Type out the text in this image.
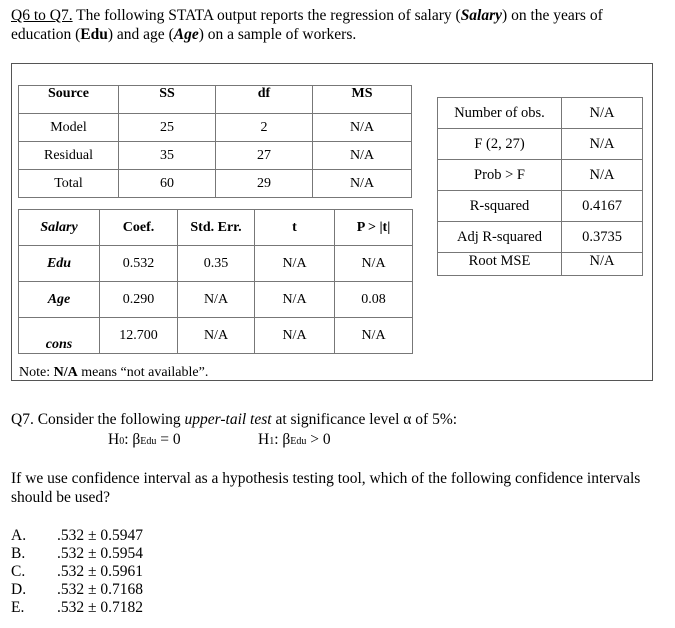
Q6 to Q7. The following STATA output reports the regression of salary (Salary) on the years of education (Edu) and age (Age) on a sample of workers.
Source	SS	df	MS
Model	25	2	N/A
Residual	35	27	N/A
Total	60	29	N/A
Salary	Coef.	Std. Err.	t	P > |t|
Edu	0.532	0.35	N/A	N/A
Age	0.290	N/A	N/A	0.08
cons	12.700	N/A	N/A	N/A
Number of obs.	N/A
F (2, 27)	N/A
Prob > F	N/A
R-squared	0.4167
Adj R-squared	0.3735
Root MSE	N/A
Note: N/A means “not available”.
Q7. Consider the following upper-tail test at significance level α of 5%:
H0: βEdu = 0	H1: βEdu > 0
If we use confidence interval as a hypothesis testing tool, which of the following confidence intervals should be used?
A. .532 ± 0.5947
B. .532 ± 0.5954
C. .532 ± 0.5961
D. .532 ± 0.7168
E. .532 ± 0.7182
